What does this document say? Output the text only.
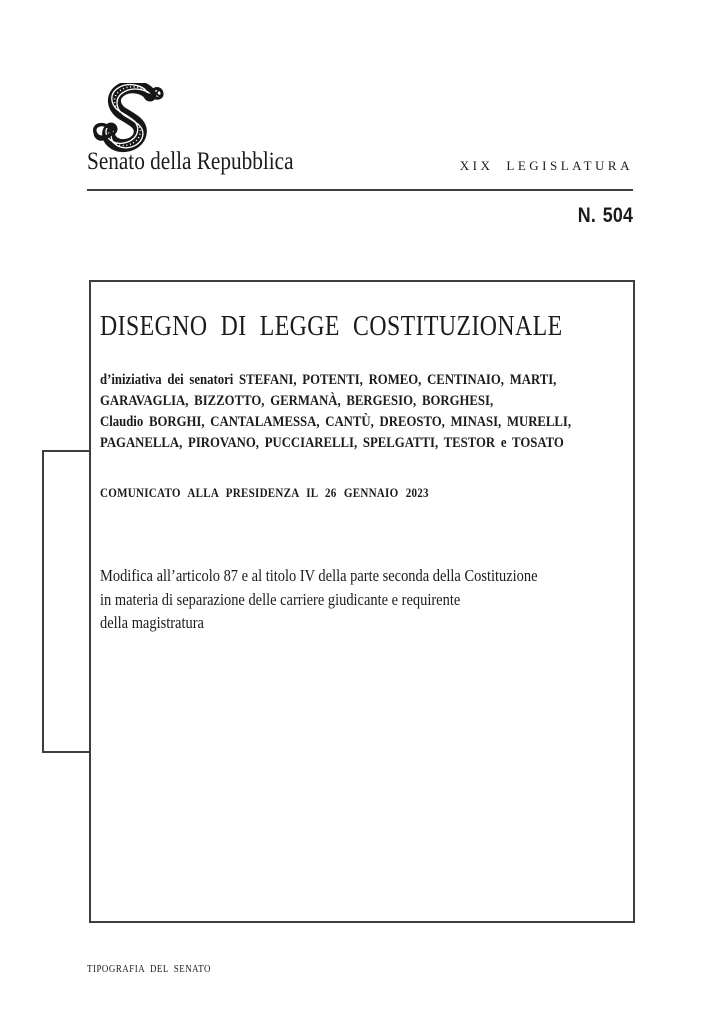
Senato della Repubblica	XIX LEGISLATURA
N. 504
DISEGNO DI LEGGE COSTITUZIONALE

d’iniziativa dei senatori STEFANI, POTENTI, ROMEO, CENTINAIO, MARTI,
GARAVAGLIA, BIZZOTTO, GERMANÀ, BERGESIO, BORGHESI,
Claudio BORGHI, CANTALAMESSA, CANTÙ, DREOSTO, MINASI, MURELLI,
PAGANELLA, PIROVANO, PUCCIARELLI, SPELGATTI, TESTOR e TOSATO

COMUNICATO ALLA PRESIDENZA IL 26 GENNAIO 2023

Modifica all’articolo 87 e al titolo IV della parte seconda della Costituzione
in materia di separazione delle carriere giudicante e requirente
della magistratura

TIPOGRAFIA DEL SENATO
